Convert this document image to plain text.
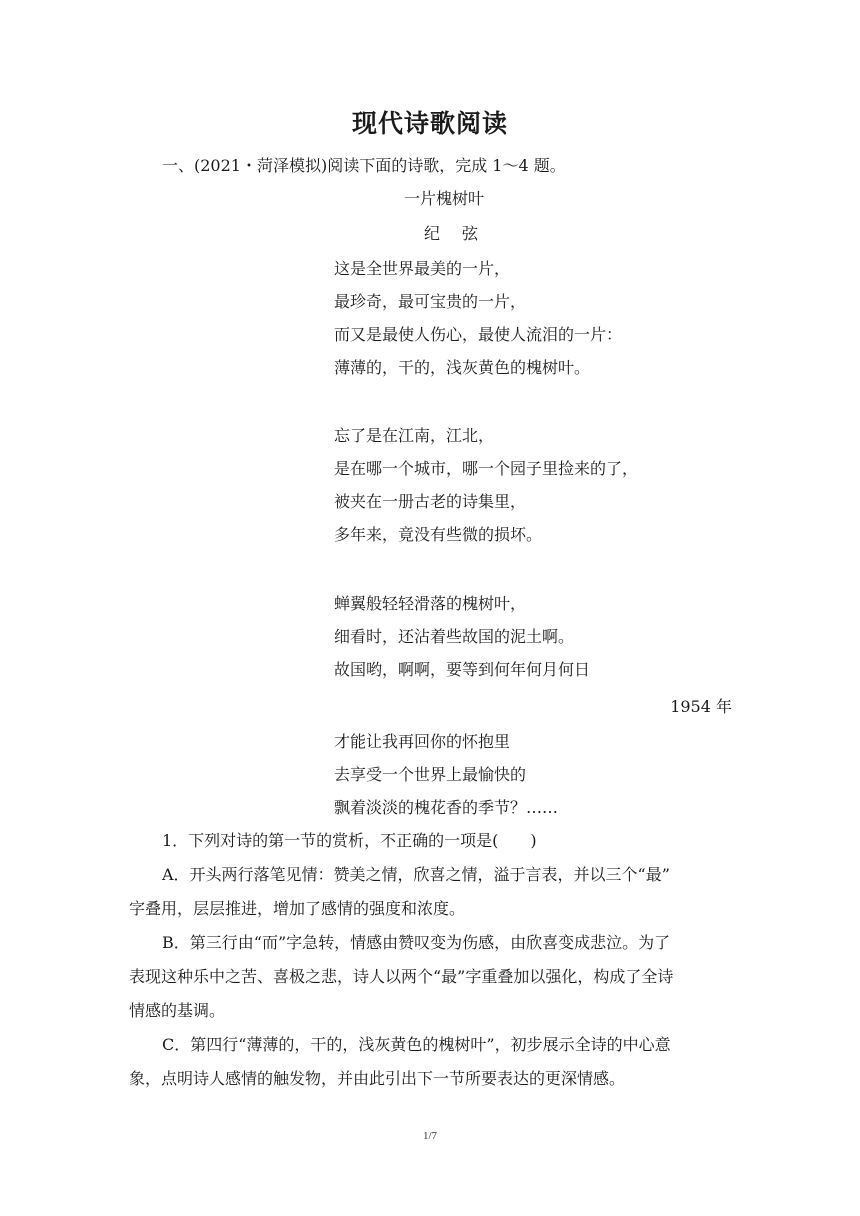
现代诗歌阅读
一、(2021・菏泽模拟)阅读下面的诗歌，完成 1～4 题。
一片槐树叶
纪 弦
这是全世界最美的一片，
最珍奇，最可宝贵的一片，
而又是最使人伤心，最使人流泪的一片：
薄薄的，干的，浅灰黄色的槐树叶。
忘了是在江南，江北，
是在哪一个城市，哪一个园子里捡来的了，
被夹在一册古老的诗集里，
多年来，竟没有些微的损坏。
蝉翼般轻轻滑落的槐树叶，
细看时，还沾着些故国的泥土啊。
故国哟，啊啊，要等到何年何月何日
1954 年
才能让我再回你的怀抱里
去享受一个世界上最愉快的
飘着淡淡的槐花香的季节？……
1．下列对诗的第一节的赏析，不正确的一项是(　　)
A．开头两行落笔见情：赞美之情，欣喜之情，溢于言表，并以三个“最”
字叠用，层层推进，增加了感情的强度和浓度。
B．第三行由“而”字急转，情感由赞叹变为伤感，由欣喜变成悲泣。为了
表现这种乐中之苦、喜极之悲，诗人以两个“最”字重叠加以强化，构成了全诗
情感的基调。
C．第四行“薄薄的，干的，浅灰黄色的槐树叶”，初步展示全诗的中心意
象，点明诗人感情的触发物，并由此引出下一节所要表达的更深情感。
1/7
